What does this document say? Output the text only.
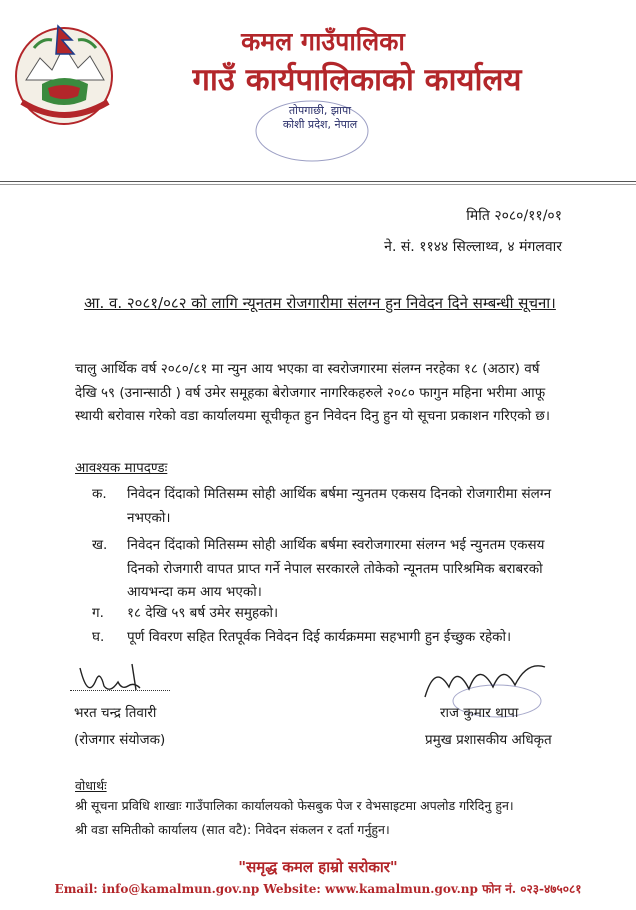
कमल गाउँपालिका
गाउँ कार्यपालिकाको कार्यालय
तोपगाछी, झापा
कोशी प्रदेश, नेपाल
मिति २०८०/११/०१
ने. सं. ११४४ सिल्लाथ्व, ४ मंगलवार
आ. व. २०८१/०८२ को लागि न्यूनतम रोजगारीमा संलग्न हुन निवेदन दिने सम्बन्धी सूचना।
चालु आर्थिक वर्ष २०८०/८१ मा न्युन आय भएका वा स्वरोजगारमा संलग्न नरहेका १८ (अठार) वर्ष देखि ५९ (उनान्साठी ) वर्ष उमेर समूहका बेरोजगार नागरिकहरुले २०८० फागुन महिना भरीमा आफू स्थायी बरोवास गरेको वडा कार्यालयमा सूचीकृत हुन निवेदन दिनु हुन यो सूचना प्रकाशन गरिएको छ।
आवश्यक मापदण्डः
क. निवेदन दिंदाको मितिसम्म सोही आर्थिक बर्षमा न्युनतम एकसय दिनको रोजगारीमा संलग्न नभएको।
ख. निवेदन दिंदाको मितिसम्म सोही आर्थिक बर्षमा स्वरोजगारमा संलग्न भई न्युनतम एकसय दिनको रोजगारी वापत प्राप्त गर्ने नेपाल सरकारले तोकेको न्यूनतम पारिश्रमिक बराबरको आयभन्दा कम आय भएको।
ग. १८ देखि ५९ बर्ष उमेर समुहको।
घ. पूर्ण विवरण सहित रितपूर्वक निवेदन दिई कार्यक्रममा सहभागी हुन ईच्छुक रहेको।
भरत चन्द्र तिवारी
(रोजगार संयोजक)
राज कुमार थापा
प्रमुख प्रशासकीय अधिकृत
वोधार्थः
श्री सूचना प्रविधि शाखाः गाउँपालिका कार्यालयको फेसबुक पेज र वेभसाइटमा अपलोड गरिदिनु हुन।
श्री वडा समितीको कार्यालय (सात वटै): निवेदन संकलन र दर्ता गर्नुहुन।
"समृद्ध कमल हाम्रो सरोकार"
Email: info@kamalmun.gov.np Website: www.kamalmun.gov.np फोन नं. ०२३-४७५०८१
